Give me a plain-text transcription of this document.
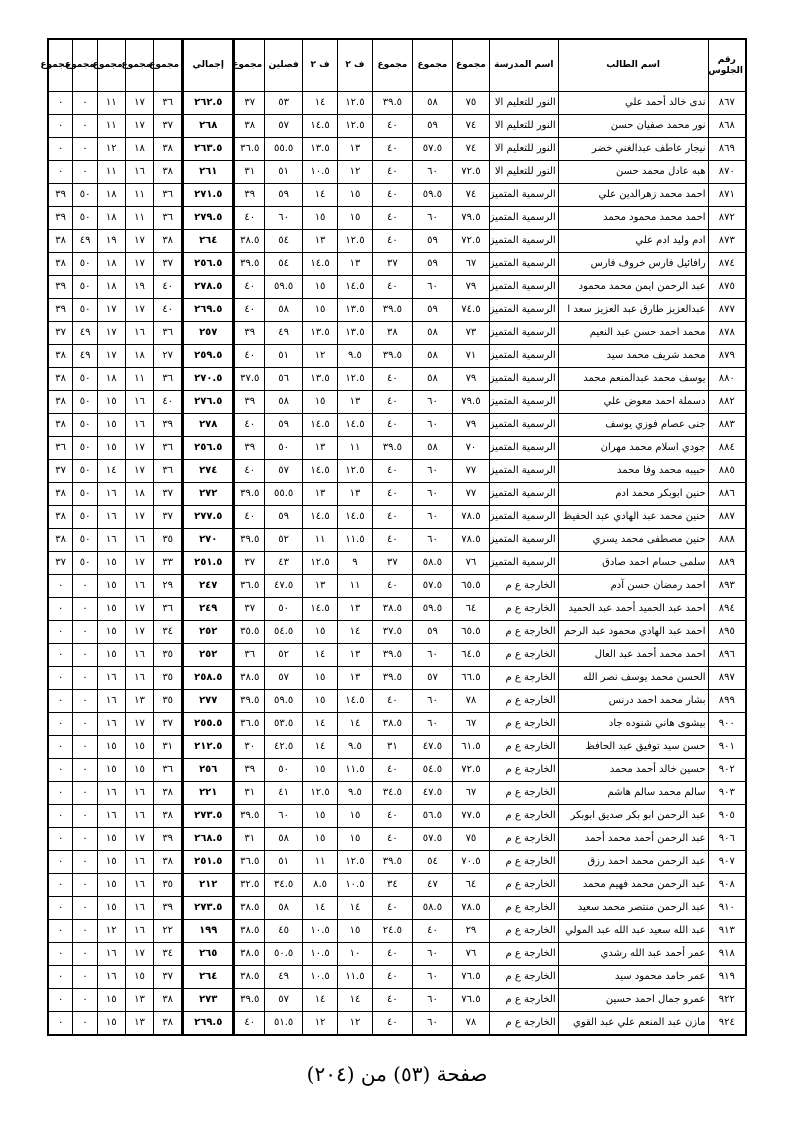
رقم الجلوس	اسم الطالب	اسم المدرسة	مجموع	مجموع	مجموع	ف ٢	ف ٢	فصلين	مجموع	إجمالي	مجموع	مجموع	مجموع	مجموع	مجموع
٨٦٧	ندى خالد أحمد علي	النور للتعليم الا	٧٥	٥٨	٣٩.٥	١٢.٥	١٤	٥٣	٣٧	٢٦٢.٥	٣٦	١٧	١١	٠	٠
٨٦٨	نور محمد صفيان حسن	النور للتعليم الا	٧٤	٥٩	٤٠	١٢.٥	١٤.٥	٥٧	٣٨	٢٦٨	٣٧	١٧	١١	٠	٠
٨٦٩	نيجار عاطف عبدالغني خضر	النور للتعليم الا	٧٤	٥٧.٥	٤٠	١٣	١٣.٥	٥٥.٥	٣٦.٥	٢٦٣.٥	٣٨	١٨	١٢	٠	٠
٨٧٠	هبه عادل محمد حسن	النور للتعليم الا	٧٢.٥	٦٠	٤٠	١٢	١٠.٥	٥١	٣١	٢٦١	٣٨	١٦	١١	٠	٠
٨٧١	احمد محمد زهرالدين علي	الرسمية المتميز	٧٤	٥٩.٥	٤٠	١٥	١٤	٥٩	٣٩	٢٧١.٥	٣٦	١١	١٨	٥٠	٣٩
٨٧٢	احمد محمد محمود محمد	الرسمية المتميز	٧٩.٥	٦٠	٤٠	١٥	١٥	٦٠	٤٠	٢٧٩.٥	٣٦	١١	١٨	٥٠	٣٩
٨٧٣	ادم وليد ادم علي	الرسمية المتميز	٧٢.٥	٥٩	٤٠	١٢.٥	١٣	٥٤	٣٨.٥	٢٦٤	٣٨	١٧	١٩	٤٩	٣٨
٨٧٤	رافائيل فارس خروف فارس	الرسمية المتميز	٦٧	٥٩	٣٧	١٣	١٤.٥	٥٤	٣٩.٥	٢٥٦.٥	٣٧	١٧	١٨	٥٠	٣٨
٨٧٥	عبد الرحمن ايمن محمد محمود	الرسمية المتميز	٧٩	٦٠	٤٠	١٤.٥	١٥	٥٩.٥	٤٠	٢٧٨.٥	٤٠	١٩	١٨	٥٠	٣٩
٨٧٧	عبدالعزيز طارق عبد العزيز سعد ا	الرسمية المتميز	٧٤.٥	٥٩	٣٩.٥	١٣.٥	١٥	٥٨	٤٠	٢٦٩.٥	٤٠	١٧	١٧	٥٠	٣٩
٨٧٨	محمد احمد حسن عبد النعيم	الرسمية المتميز	٧٣	٥٨	٣٨	١٣.٥	١٣.٥	٤٩	٣٩	٢٥٧	٣٦	١٦	١٧	٤٩	٣٧
٨٧٩	محمد شريف محمد سيد	الرسمية المتميز	٧١	٥٨	٣٩.٥	٩.٥	١٢	٥١	٤٠	٢٥٩.٥	٢٧	١٨	١٧	٤٩	٣٨
٨٨٠	يوسف محمد عبدالمنعم محمد	الرسمية المتميز	٧٩	٥٨	٤٠	١٢.٥	١٣.٥	٥٦	٣٧.٥	٢٧٠.٥	٣٦	١١	١٨	٥٠	٣٨
٨٨٢	دسملة احمد معوض علي	الرسمية المتميز	٧٩.٥	٦٠	٤٠	١٣	١٥	٥٨	٣٩	٢٧٦.٥	٤٠	١٦	١٥	٥٠	٣٨
٨٨٣	جنى عصام فوزي يوسف	الرسمية المتميز	٧٩	٦٠	٤٠	١٤.٥	١٤.٥	٥٩	٤٠	٢٧٨	٣٩	١٦	١٥	٥٠	٣٨
٨٨٤	جودي اسلام محمد مهران	الرسمية المتميز	٧٠	٥٨	٣٩.٥	١١	١٣	٥٠	٣٩	٢٥٦.٥	٣٦	١٧	١٥	٥٠	٣٦
٨٨٥	حبيبه محمد وفا محمد	الرسمية المتميز	٧٧	٦٠	٤٠	١٢.٥	١٤.٥	٥٧	٤٠	٢٧٤	٣٦	١٧	١٤	٥٠	٣٧
٨٨٦	حنين ابوبكر محمد ادم	الرسمية المتميز	٧٧	٦٠	٤٠	١٣	١٣	٥٥.٥	٣٩.٥	٢٧٢	٣٧	١٨	١٦	٥٠	٣٨
٨٨٧	حنين محمد عبد الهادي عبد الحفيظ	الرسمية المتميز	٧٨.٥	٦٠	٤٠	١٤.٥	١٤.٥	٥٩	٤٠	٢٧٧.٥	٣٧	١٧	١٦	٥٠	٣٨
٨٨٨	حنين مصطفى محمد يسري	الرسمية المتميز	٧٨.٥	٦٠	٤٠	١١.٥	١١	٥٢	٣٩.٥	٢٧٠	٣٥	١٦	١٦	٥٠	٣٨
٨٨٩	سلمى حسام احمد صادق	الرسمية المتميز	٧٦	٥٨.٥	٣٧	٩	١٢.٥	٤٣	٣٧	٢٥١.٥	٣٣	١٧	١٥	٥٠	٣٧
٨٩٣	احمد رمضان حسن آدم	الخارجة ع م	٦٥.٥	٥٧.٥	٤٠	١١	١٣	٤٧.٥	٣٦.٥	٢٤٧	٢٩	١٦	١٥	٠	٠
٨٩٤	احمد عبد الحميد أحمد عبد الحميد	الخارجة ع م	٦٤	٥٩.٥	٣٨.٥	١٣	١٤.٥	٥٠	٣٧	٢٤٩	٣٦	١٧	١٥	٠	٠
٨٩٥	احمد عبد الهادي محمود عبد الرحم	الخارجة ع م	٦٥.٥	٥٩	٣٧.٥	١٤	١٥	٥٤.٥	٣٥.٥	٢٥٢	٣٤	١٧	١٥	٠	٠
٨٩٦	احمد محمد أحمد عبد العال	الخارجة ع م	٦٤.٥	٦٠	٣٩.٥	١٣	١٤	٥٢	٣٦	٢٥٢	٣٥	١٦	١٥	٠	٠
٨٩٧	الحسن محمد يوسف نصر الله	الخارجة ع م	٦٦.٥	٥٧	٣٩.٥	١٣	١٥	٥٧	٣٨.٥	٢٥٨.٥	٣٥	١٦	١٦	٠	٠
٨٩٩	بشار محمد احمد درنس	الخارجة ع م	٧٨	٦٠	٤٠	١٤.٥	١٥	٥٩.٥	٣٩.٥	٢٧٧	٣٥	١٣	١٦	٠	٠
٩٠٠	بيشوى هاني شنوده جاد	الخارجة ع م	٦٧	٦٠	٣٨.٥	١٤	١٤	٥٣.٥	٣٦.٥	٢٥٥.٥	٣٧	١٧	١٦	٠	٠
٩٠١	حسن سيد توفيق عبد الحافظ	الخارجة ع م	٦١.٥	٤٧.٥	٣١	٩.٥	١٤	٤٢.٥	٣٠	٢١٢.٥	٣١	١٥	١٥	٠	٠
٩٠٢	حسين خالد أحمد محمد	الخارجة ع م	٧٢.٥	٥٤.٥	٤٠	١١.٥	١٥	٥٠	٣٩	٢٥٦	٣٦	١٥	١٥	٠	٠
٩٠٣	سالم محمد سالم هاشم	الخارجة ع م	٦٧	٤٧.٥	٣٤.٥	٩.٥	١٢.٥	٤١	٣١	٢٢١	٣٨	١٦	١٦	٠	٠
٩٠٥	عبد الرحمن ابو بكر صديق ابوبكر	الخارجة ع م	٧٧.٥	٥٦.٥	٤٠	١٥	١٥	٦٠	٣٩.٥	٢٧٣.٥	٣٨	١٦	١٦	٠	٠
٩٠٦	عبد الرحمن أحمد محمد أحمد	الخارجة ع م	٧٥	٥٧.٥	٤٠	١٥	١٥	٥٨	٣١	٢٦٨.٥	٣٩	١٧	١٥	٠	٠
٩٠٧	عبد الرحمن محمد احمد رزق	الخارجة ع م	٧٠.٥	٥٤	٣٩.٥	١٢.٥	١١	٥١	٣٦.٥	٢٥١.٥	٣٨	١٦	١٥	٠	٠
٩٠٨	عبد الرحمن محمد فهيم محمد	الخارجة ع م	٦٤	٤٧	٣٤	١٠.٥	٨.٥	٣٤.٥	٣٢.٥	٢١٢	٣٥	١٦	١٥	٠	٠
٩١٠	عبد الرحمن منتصر محمد سعيد	الخارجة ع م	٧٨.٥	٥٨.٥	٤٠	١٤	١٤	٥٨	٣٨.٥	٢٧٣.٥	٣٩	١٦	١٥	٠	٠
٩١٣	عبد الله سعيد عبد الله عبد المولي	الخارجة ع م	٢٩	٤٠	٢٤.٥	١٥	١٠.٥	٤٥	٣٨.٥	١٩٩	٢٢	١٦	١٢	٠	٠
٩١٨	عمر أحمد عبد الله رشدي	الخارجة ع م	٧٦	٦٠	٤٠	١٠	١٠.٥	٥٠.٥	٣٨.٥	٢٦٥	٣٤	١٧	١٦	٠	٠
٩١٩	عمر حامد محمود سيد	الخارجة ع م	٧٦.٥	٦٠	٤٠	١١.٥	١٠.٥	٤٩	٣٨.٥	٢٦٤	٣٧	١٥	١٦	٠	٠
٩٢٢	عمرو جمال احمد حسين	الخارجة ع م	٧٦.٥	٦٠	٤٠	١٤	١٤	٥٧	٣٩.٥	٢٧٣	٣٨	١٣	١٥	٠	٠
٩٢٤	مازن عبد المنعم علي عبد القوي	الخارجة ع م	٧٨	٦٠	٤٠	١٢	١٢	٥١.٥	٤٠	٢٦٩.٥	٣٨	١٣	١٥	٠	٠
صفحة (٥٣) من (٢٠٤)
